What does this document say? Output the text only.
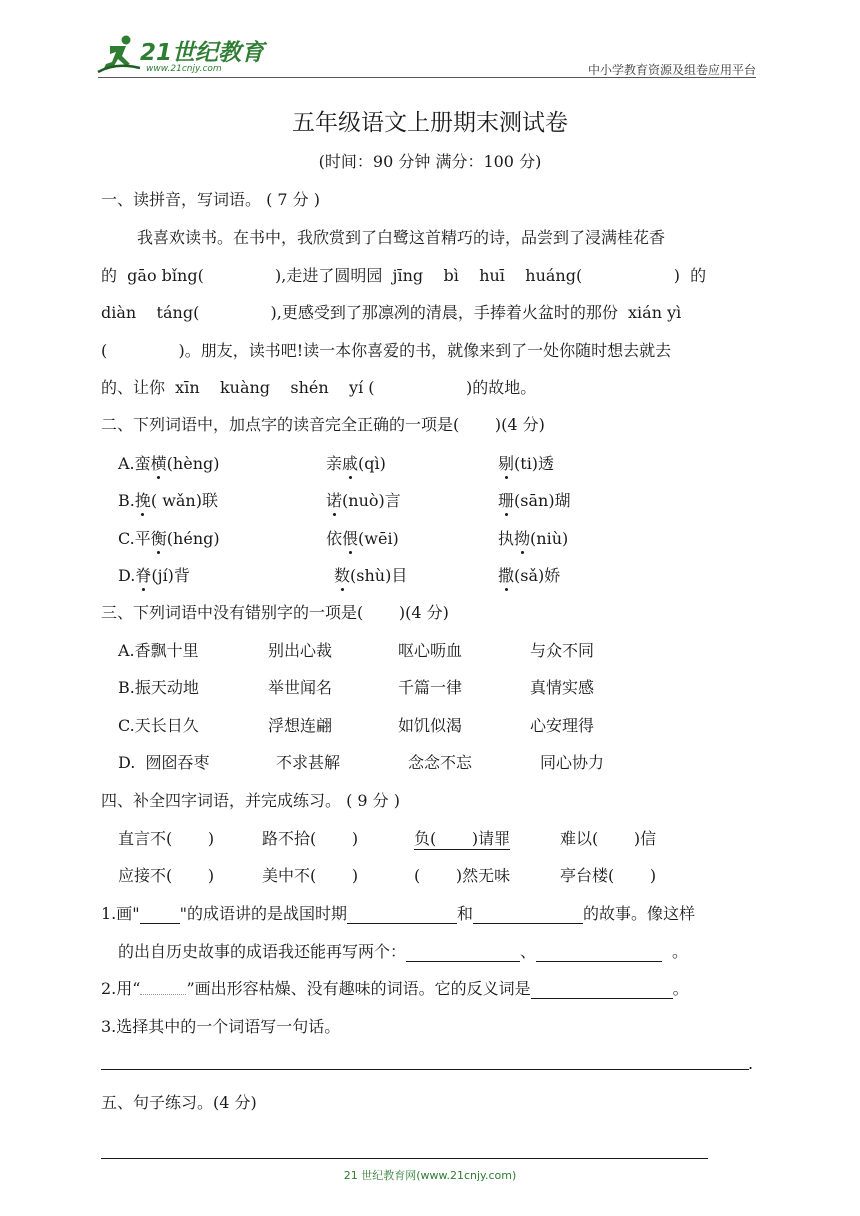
21世纪教育
www.21cnjy.com	中小学教育资源及组卷应用平台
五年级语文上册期末测试卷
(时间：90 分钟 满分：100 分)
一、读拼音，写词语。 ( 7 分 )
我喜欢读书。在书中，我欣赏到了白鹭这首精巧的诗，品尝到了浸满桂花香
的  gāo bǐng(              ),走进了圆明园  jīng    bì    huī    huáng(                  )  的
diàn    táng(              ),更感受到了那凛冽的清晨，手捧着火盆时的那份  xián yì
(              )。朋友，读书吧!读一本你喜爱的书，就像来到了一处你随时想去就去
的、让你  xīn    kuàng    shén    yí (                  )的故地。
二、下列词语中，加点字的读音完全正确的一项是(       )(4 分)
A.蛮横(hèng)	亲戚(qì)	剔(ti)透
B.挽( wǎn)联	诺(nuò)言	珊(sān)瑚
C.平衡(héng)	依偎(wēi)	执拗(niù)
D.脊(jí)背	数(shù)目	撒(sǎ)娇
三、下列词语中没有错别字的一项是(       )(4 分)
A.香飘十里	别出心裁	呕心呖血	与众不同
B.振天动地	举世闻名	千篇一律	真情实感
C.天长日久	浮想连翩	如饥似渴	心安理得
D.  囫囵吞枣	不求甚解	念念不忘	同心协力
四、补全四字词语，并完成练习。 ( 9 分 )
直言不(       )	路不拾(       )	负(       )请罪	难以(       )信
应接不(       )	美中不(       )	(       )然无味	亭台楼(       )
1.画"	"的成语讲的是战国时期	和	的故事。像这样
的出自历史故事的成语我还能再写两个：	、	。
2.用“	”画出形容枯燥、没有趣味的词语。它的反义词是	。
3.选择其中的一个词语写一句话。
.
五、句子练习。(4 分)
21 世纪教育网(www.21cnjy.com)
